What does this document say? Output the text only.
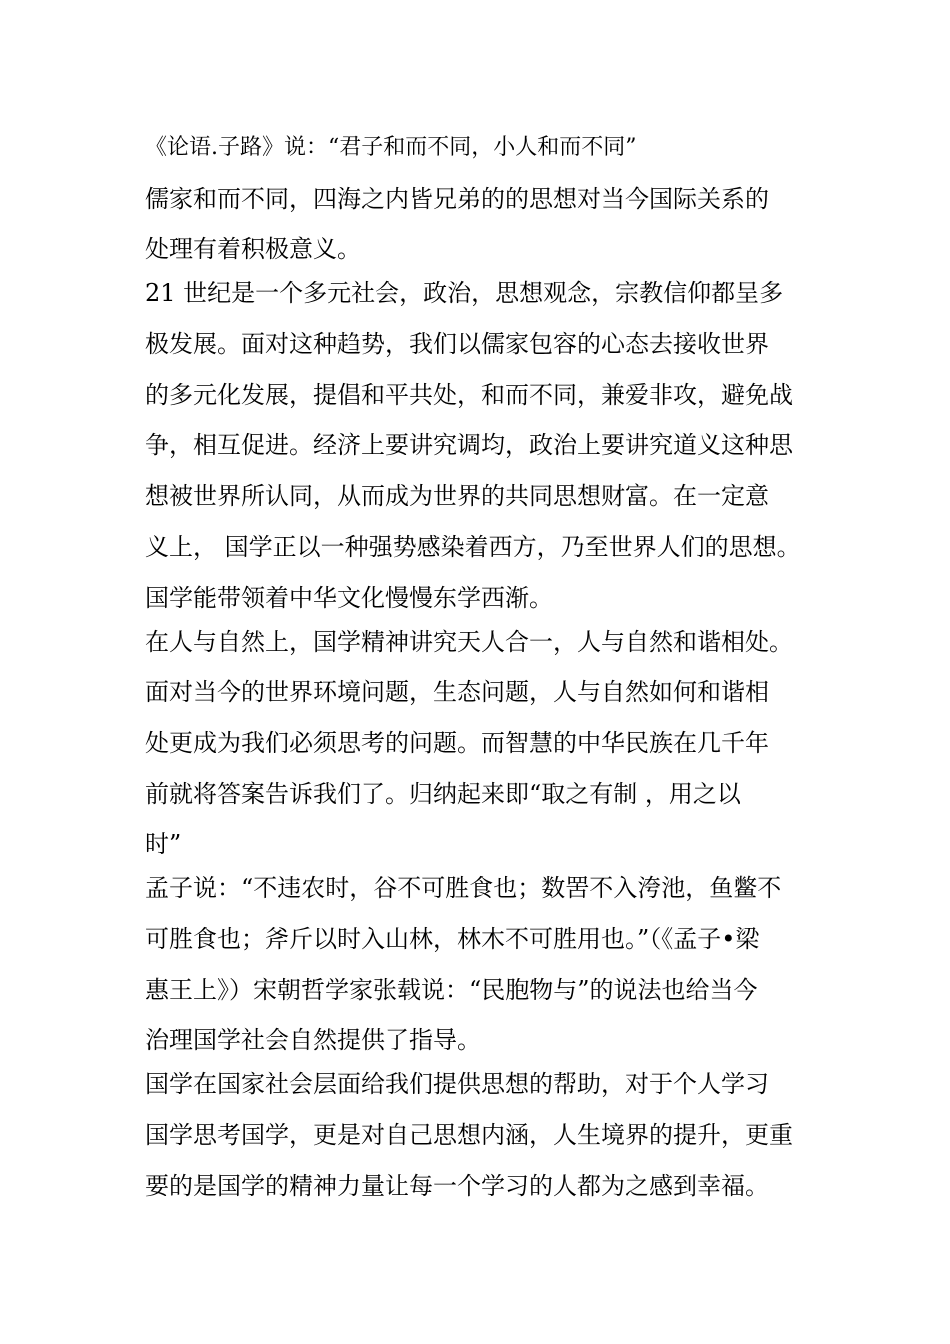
《论语.子路》说：“君子和而不同，小人和而不同”
儒家和而不同，四海之内皆兄弟的的思想对当今国际关系的
处理有着积极意义。
21 世纪是一个多元社会，政治，思想观念，宗教信仰都呈多
极发展。面对这种趋势，我们以儒家包容的心态去接收世界
的多元化发展，提倡和平共处，和而不同，兼爱非攻，避免战
争，相互促进。经济上要讲究调均，政治上要讲究道义这种思
想被世界所认同，从而成为世界的共同思想财富。在一定意
义上， 国学正以一种强势感染着西方，乃至世界人们的思想。
国学能带领着中华文化慢慢东学西渐。
在人与自然上，国学精神讲究天人合一，人与自然和谐相处。
面对当今的世界环境问题，生态问题，人与自然如何和谐相
处更成为我们必须思考的问题。而智慧的中华民族在几千年
前就将答案告诉我们了。归纳起来即“取之有制 ，用之以
时”
孟子说：“不违农时，谷不可胜食也；数罟不入洿池，鱼鳖不
可胜食也；斧斤以时入山林，林木不可胜用也。”（《孟子•梁
惠王上》）宋朝哲学家张载说：“民胞物与”的说法也给当今
治理国学社会自然提供了指导。
国学在国家社会层面给我们提供思想的帮助，对于个人学习
国学思考国学，更是对自己思想内涵，人生境界的提升，更重
要的是国学的精神力量让每一个学习的人都为之感到幸福。
